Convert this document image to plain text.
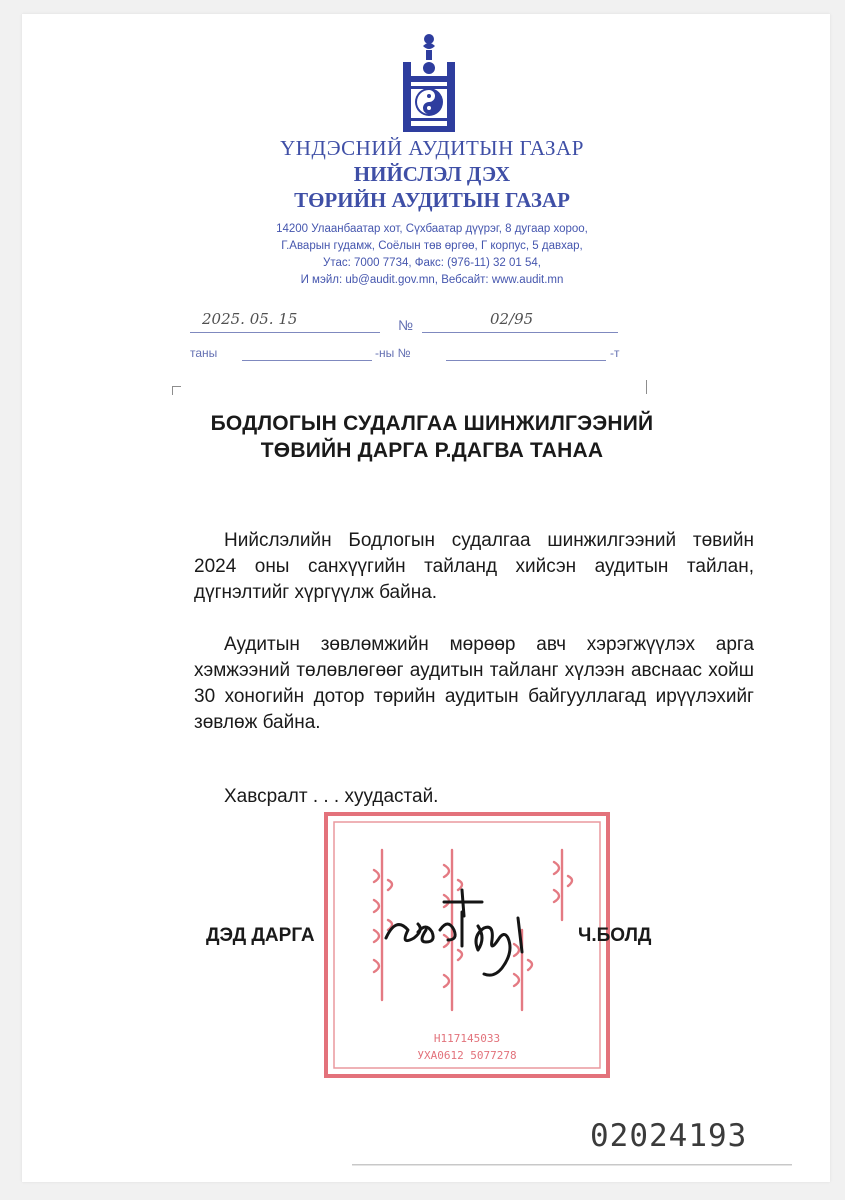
ҮНДЭСНИЙ АУДИТЫН ГАЗАР
НИЙСЛЭЛ ДЭХ
ТӨРИЙН АУДИТЫН ГАЗАР
14200 Улаанбаатар хот, Сүхбаатар дүүрэг, 8 дугаар хороо,
Г.Аварын гудамж, Соёлын төв өргөө, Г корпус, 5 давхар,
Утас: 7000 7734, Факс: (976-11) 32 01 54,
И мэйл: ub@audit.gov.mn, Вебсайт: www.audit.mn
2025. 05. 15	№	02/95
таны	-ны №	-т
БОДЛОГЫН СУДАЛГАА ШИНЖИЛГЭЭНИЙ
ТӨВИЙН ДАРГА Р.ДАГВА ТАНАА

Нийслэлийн Бодлогын судалгаа шинжилгээний төвийн 2024 оны санхүүгийн тайланд хийсэн аудитын тайлан, дүгнэлтийг хүргүүлж байна.

Аудитын зөвлөмжийн мөрөөр авч хэрэгжүүлэх арга хэмжээний төлөвлөгөөг аудитын тайланг хүлээн авснаас хойш 30 хоногийн дотор төрийн аудитын байгууллагад ирүүлэхийг зөвлөж байна.

Хавсралт . . . хуудастай.
H117145033
УХА0612 5077278
ДЭД ДАРГА	Ч.БОЛД
02024193
